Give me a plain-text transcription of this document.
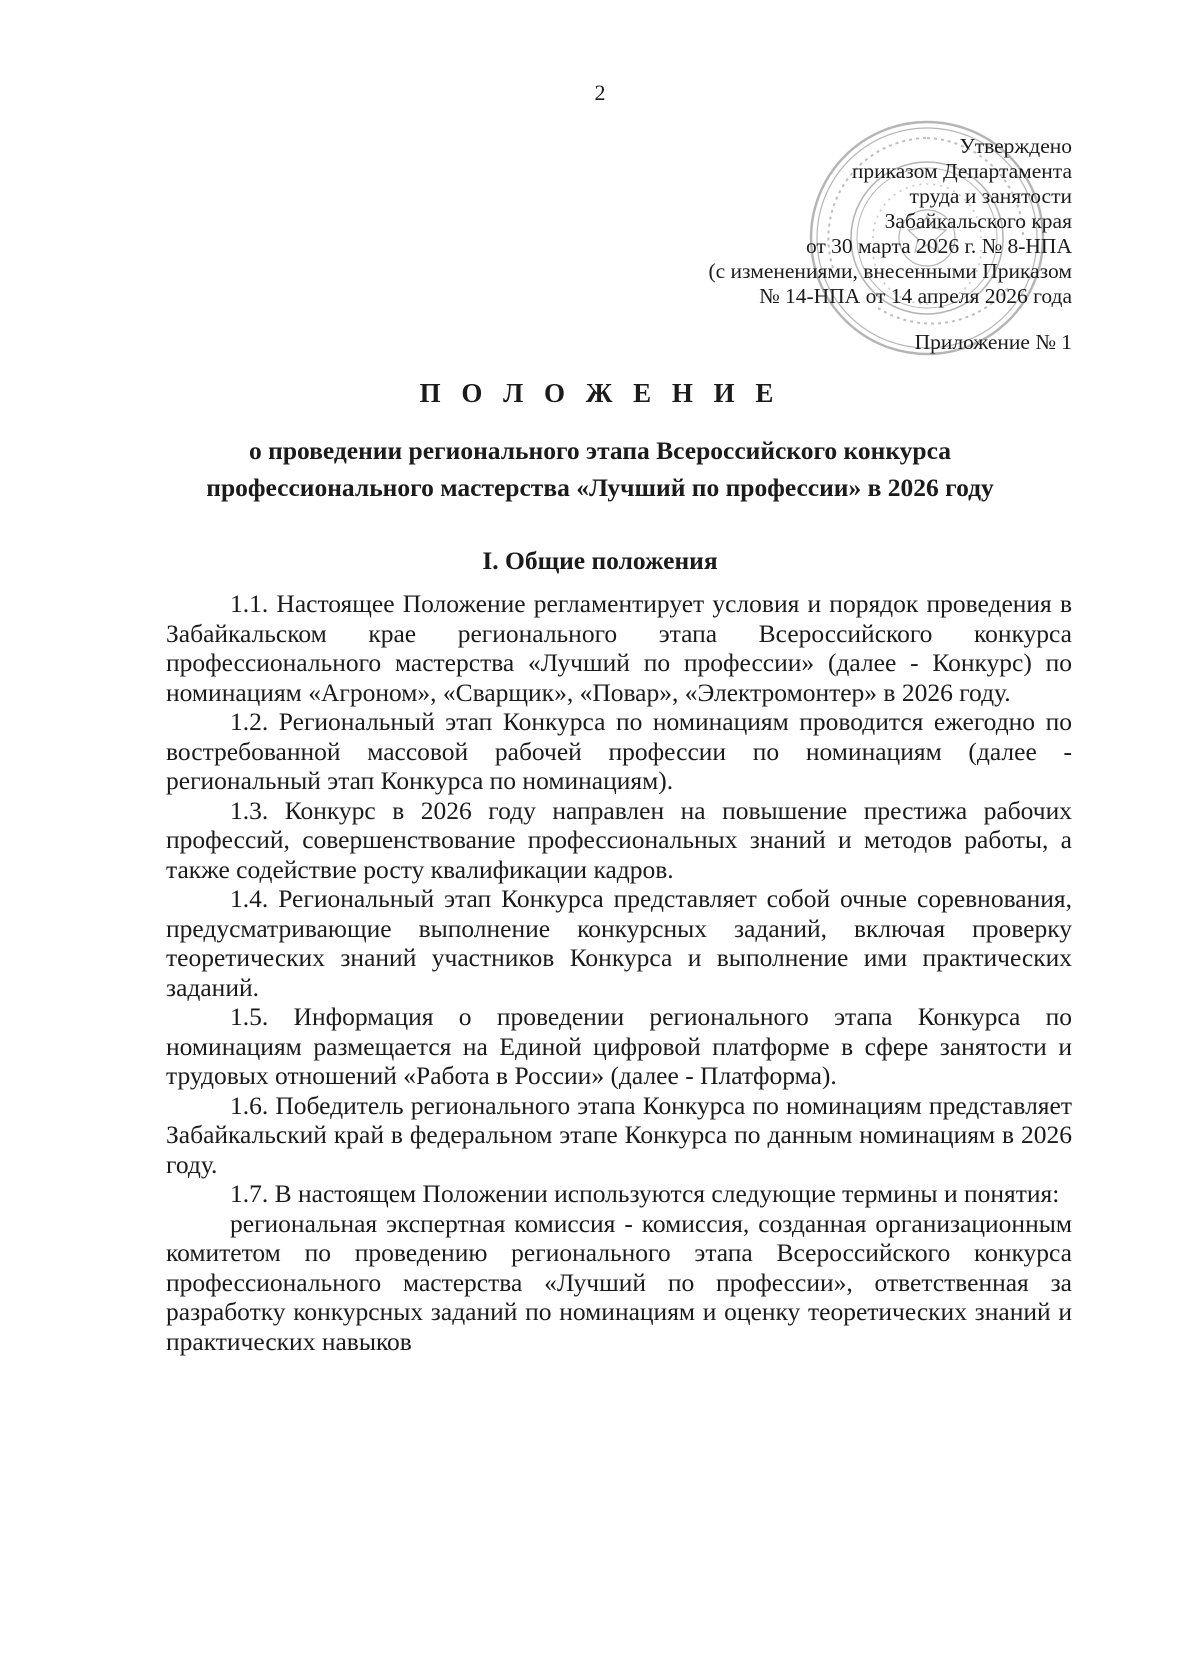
2
Утверждено
приказом Департамента
труда и занятости
Забайкальского края
от 30 марта 2026 г. № 8-НПА
(с изменениями, внесенными Приказом
№ 14-НПА от 14 апреля 2026 года
Приложение № 1
П О Л О Ж Е Н И Е
о проведении регионального этапа Всероссийского конкурса
профессионального мастерства «Лучший по профессии» в 2026 году
I. Общие положения

1.1. Настоящее Положение регламентирует условия и порядок проведения в Забайкальском крае регионального этапа Всероссийского конкурса профессионального мастерства «Лучший по профессии» (далее - Конкурс) по номинациям «Агроном», «Сварщик», «Повар», «Электромонтер» в 2026 году.

1.2. Региональный этап Конкурса по номинациям проводится ежегодно по востребованной массовой рабочей профессии по номинациям (далее - региональный этап Конкурса по номинациям).

1.3. Конкурс в 2026 году направлен на повышение престижа рабочих профессий, совершенствование профессиональных знаний и методов работы, а также содействие росту квалификации кадров.

1.4. Региональный этап Конкурса представляет собой очные соревнования, предусматривающие выполнение конкурсных заданий, включая проверку теоретических знаний участников Конкурса и выполнение ими практических заданий.

1.5. Информация о проведении регионального этапа Конкурса по номинациям размещается на Единой цифровой платформе в сфере занятости и трудовых отношений «Работа в России» (далее - Платформа).

1.6. Победитель регионального этапа Конкурса по номинациям представляет Забайкальский край в федеральном этапе Конкурса по данным номинациям в 2026 году.

1.7. В настоящем Положении используются следующие термины и понятия:

региональная экспертная комиссия - комиссия, созданная организационным комитетом по проведению регионального этапа Всероссийского конкурса профессионального мастерства «Лучший по профессии», ответственная за разработку конкурсных заданий по номинациям и оценку теоретических знаний и практических навыков
